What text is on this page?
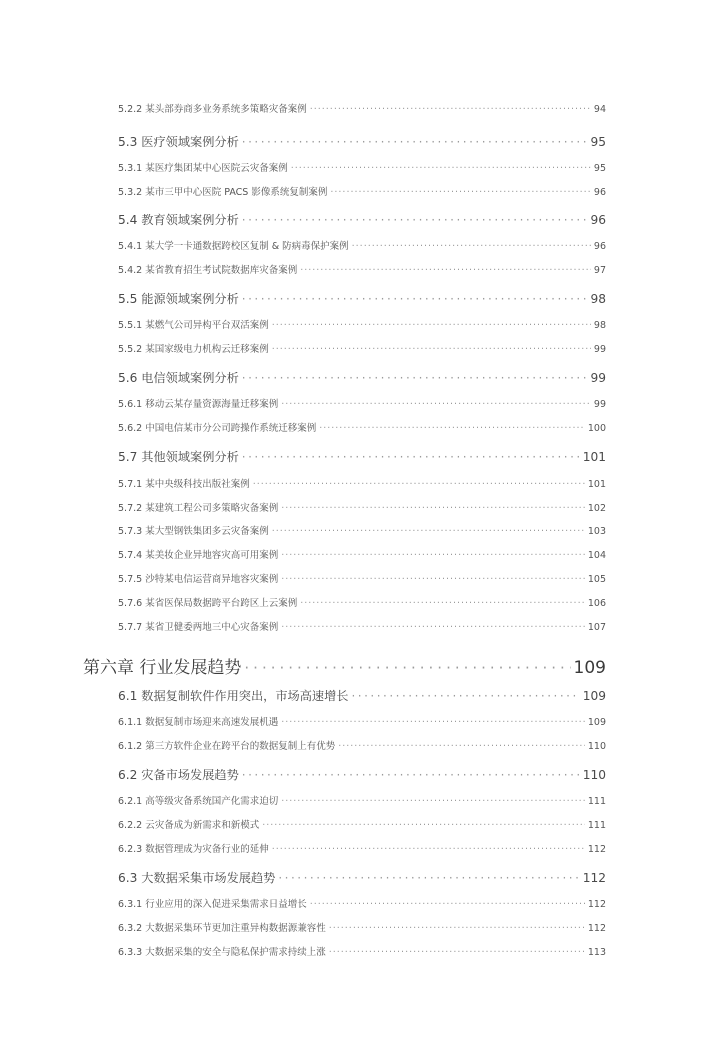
5.2.2 某头部券商多业务系统多策略灾备案例 ·····	94
5.3 医疗领域案例分析 ·····	95
5.3.1 某医疗集团某中心医院云灾备案例 ·····	95
5.3.2 某市三甲中心医院 PACS 影像系统复制案例 ·····	96
5.4 教育领域案例分析 ·····	96
5.4.1 某大学一卡通数据跨校区复制 & 防病毒保护案例 ·····	96
5.4.2 某省教育招生考试院数据库灾备案例 ·····	97
5.5 能源领域案例分析 ·····	98
5.5.1 某燃气公司异构平台双活案例 ·····	98
5.5.2 某国家级电力机构云迁移案例 ·····	99
5.6 电信领域案例分析 ·····	99
5.6.1 移动云某存量资源海量迁移案例 ·····	99
5.6.2 中国电信某市分公司跨操作系统迁移案例 ·····	100
5.7 其他领域案例分析 ·····	101
5.7.1 某中央级科技出版社案例 ·····	101
5.7.2 某建筑工程公司多策略灾备案例 ·····	102
5.7.3 某大型钢铁集团多云灾备案例 ·····	103
5.7.4 某美妆企业异地容灾高可用案例 ·····	104
5.7.5 沙特某电信运营商异地容灾案例 ·····	105
5.7.6 某省医保局数据跨平台跨区上云案例 ·····	106
5.7.7 某省卫健委两地三中心灾备案例 ·····	107
第六章 行业发展趋势 ·····	109
6.1 数据复制软件作用突出，市场高速增长 ·····	109
6.1.1 数据复制市场迎来高速发展机遇 ·····	109
6.1.2 第三方软件企业在跨平台的数据复制上有优势 ·····	110
6.2 灾备市场发展趋势 ·····	110
6.2.1 高等级灾备系统国产化需求迫切 ·····	111
6.2.2 云灾备成为新需求和新模式 ·····	111
6.2.3 数据管理成为灾备行业的延伸 ·····	112
6.3 大数据采集市场发展趋势 ·····	112
6.3.1 行业应用的深入促进采集需求日益增长 ·····	112
6.3.2 大数据采集环节更加注重异构数据源兼容性 ·····	112
6.3.3 大数据采集的安全与隐私保护需求持续上涨 ·····	113
